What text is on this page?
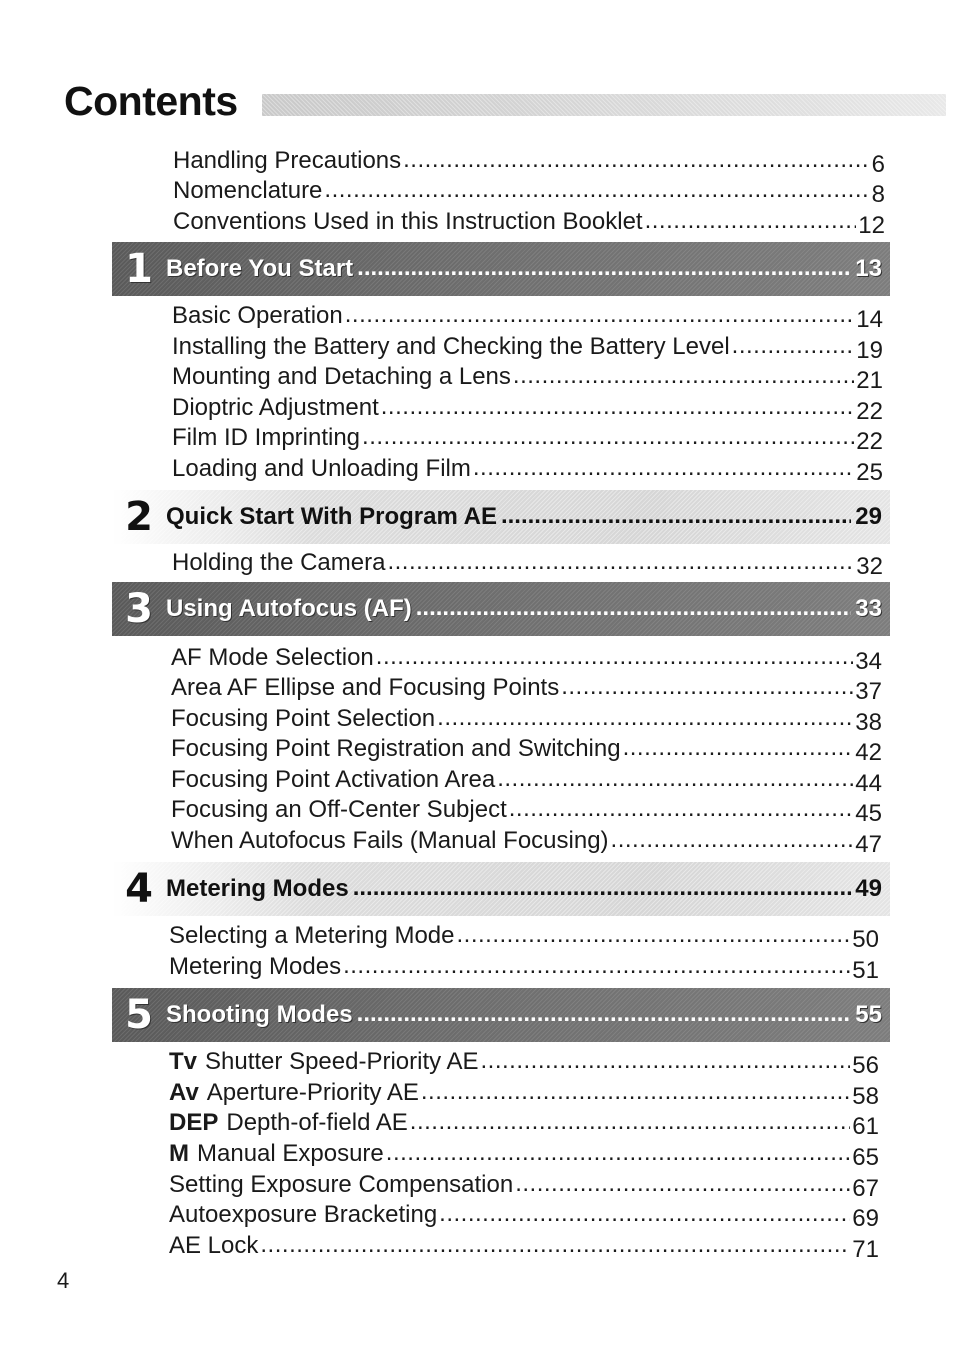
Contents
Handling Precautions .....	6
Nomenclature .....	8
Conventions Used in this Instruction Booklet .....	12
1 Before You Start .....	13
Basic Operation .....	14
Installing the Battery and Checking the Battery Level .....	19
Mounting and Detaching a Lens .....	21
Dioptric Adjustment .....	22
Film ID Imprinting .....	22
Loading and Unloading Film .....	25
2 Quick Start With Program AE .....	29
Holding the Camera .....	32
3 Using Autofocus (AF) .....	33
AF Mode Selection .....	34
Area AF Ellipse and Focusing Points .....	37
Focusing Point Selection .....	38
Focusing Point Registration and Switching .....	42
Focusing Point Activation Area .....	44
Focusing an Off-Center Subject .....	45
When Autofocus Fails (Manual Focusing) .....	47
4 Metering Modes .....	49
Selecting a Metering Mode .....	50
Metering Modes .....	51
5 Shooting Modes .....	55
Tv Shutter Speed-Priority AE .....	56
Av Aperture-Priority AE .....	58
DEP Depth-of-field AE .....	61
M Manual Exposure .....	65
Setting Exposure Compensation .....	67
Autoexposure Bracketing .....	69
AE Lock .....	71
4
